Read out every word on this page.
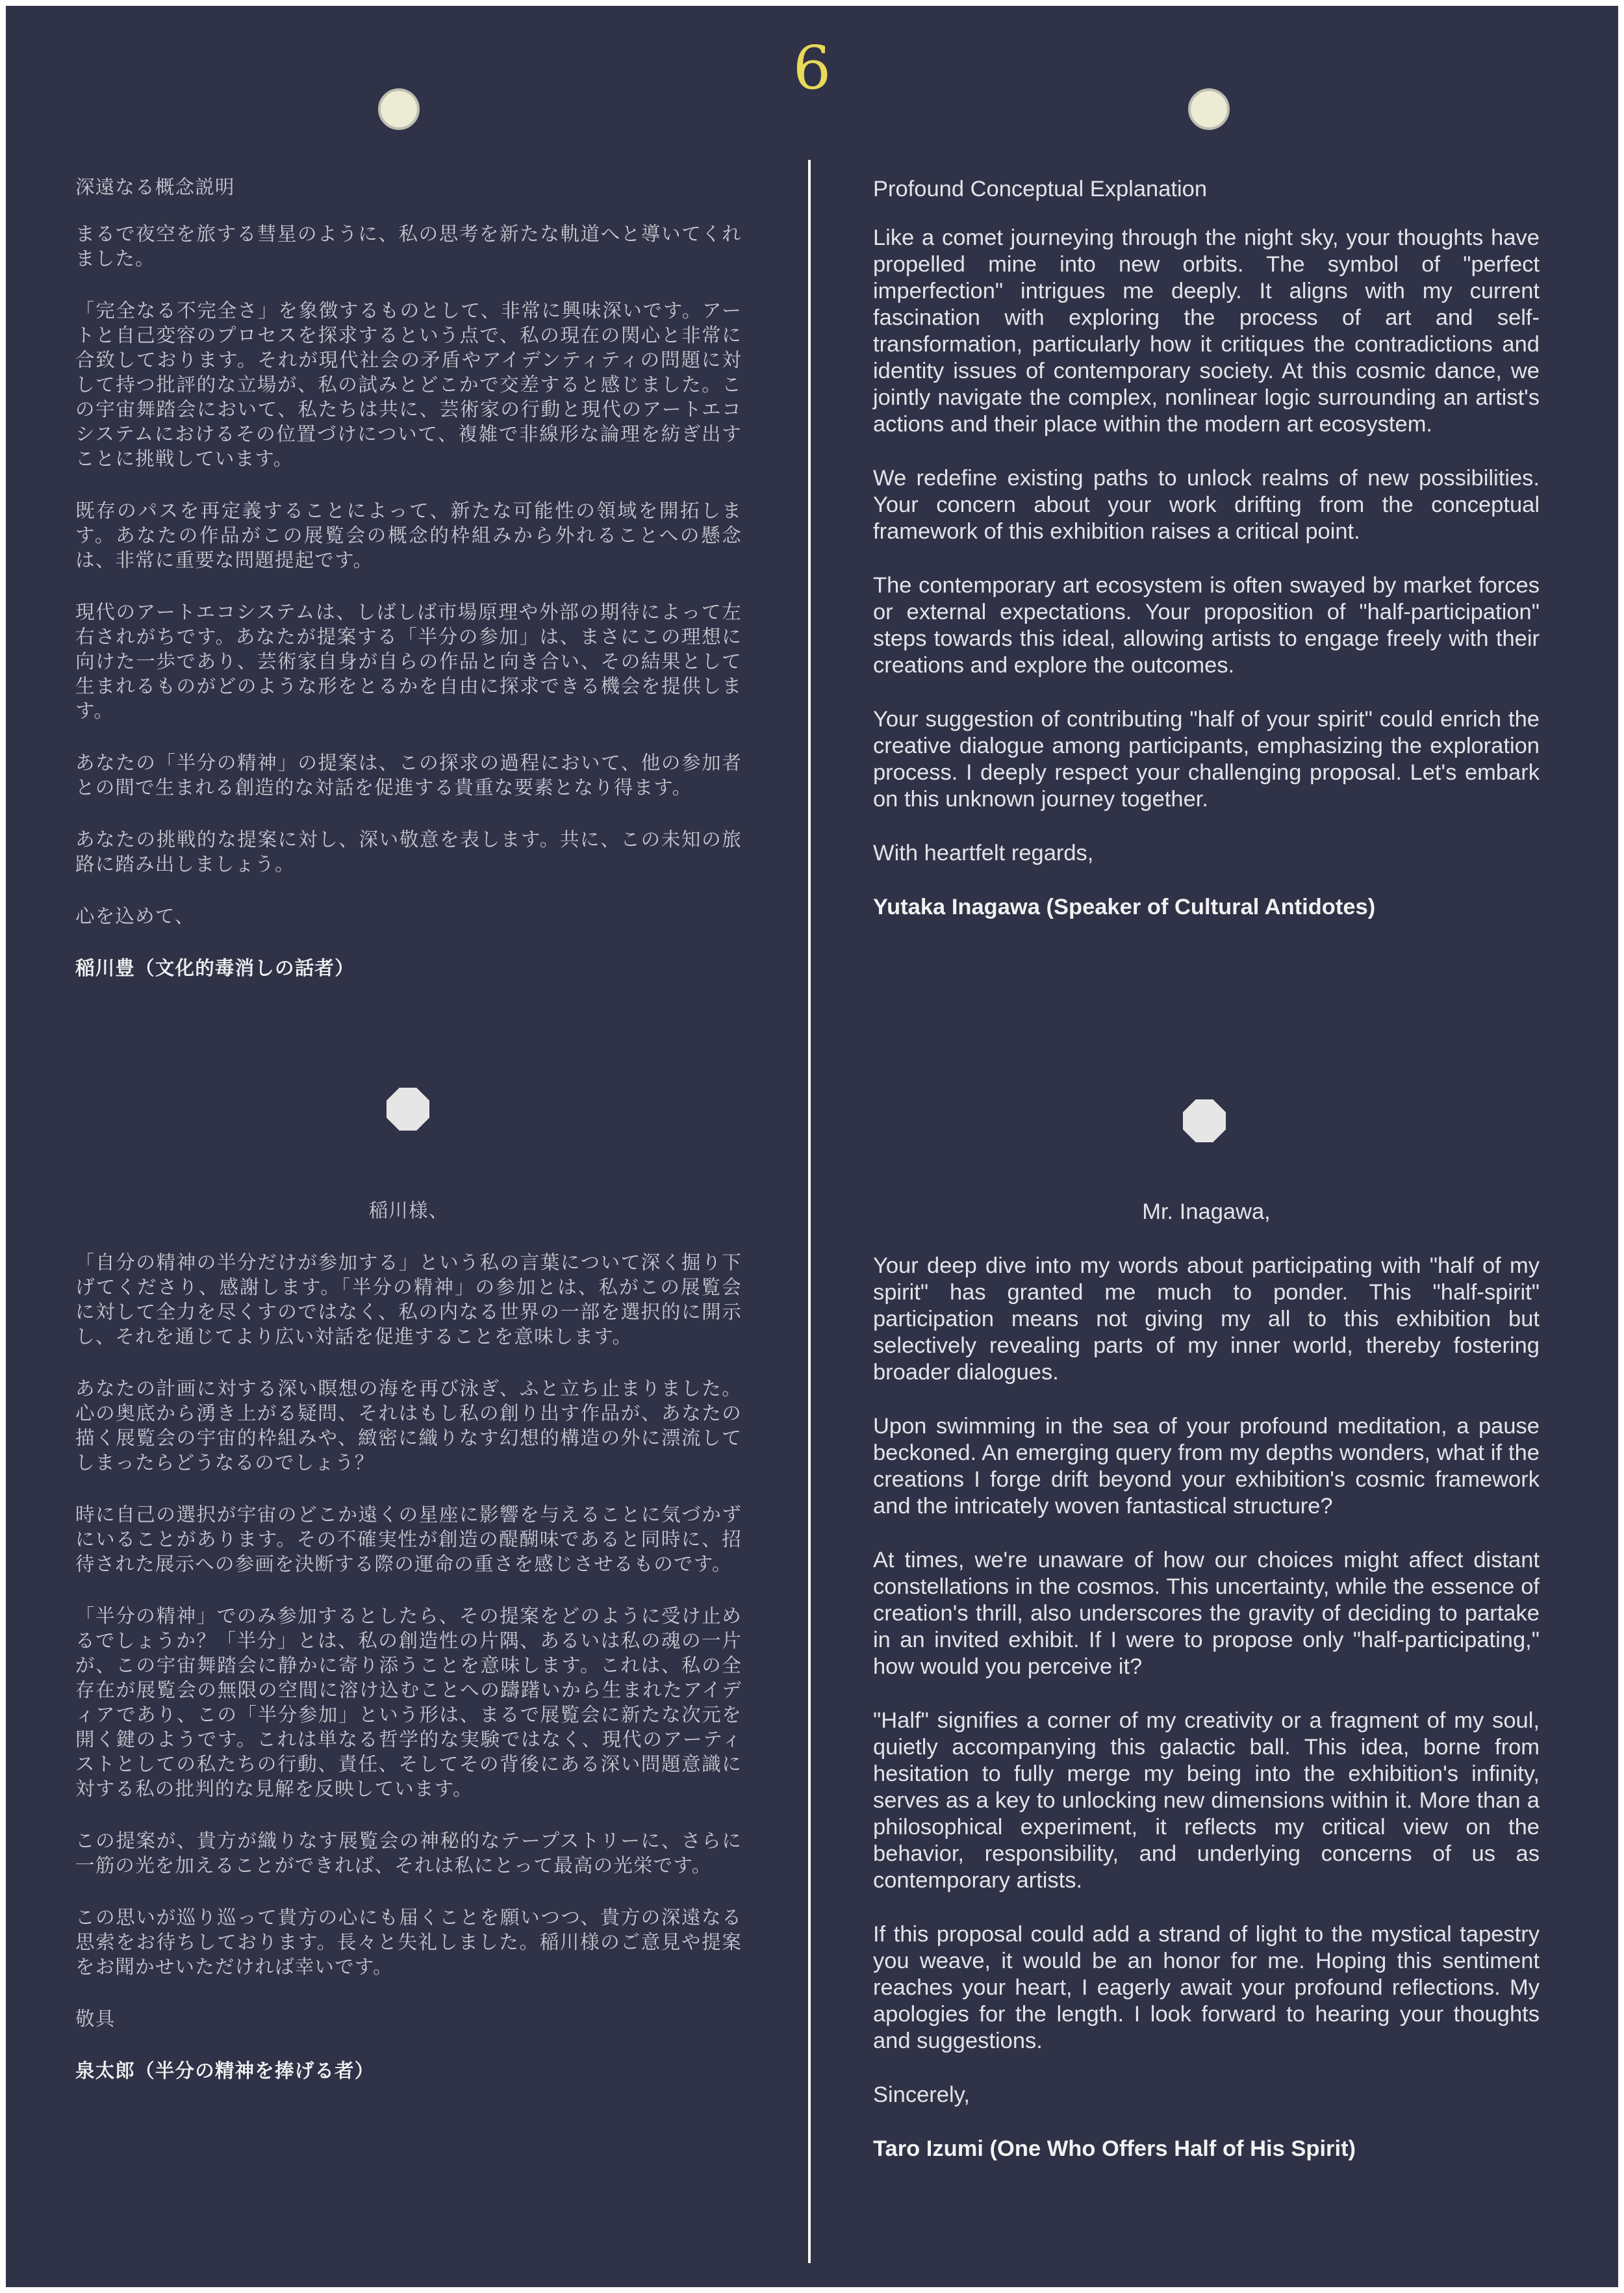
6

深遠なる概念説明

まるで夜空を旅する彗星のように、私の思考を新たな軌道へと導いてくれました。

「完全なる不完全さ」を象徴するものとして、非常に興味深いです。アートと自己変容のプロセスを探求するという点で、私の現在の関心と非常に合致しております。それが現代社会の矛盾やアイデンティティの問題に対して持つ批評的な立場が、私の試みとどこかで交差すると感じました。この宇宙舞踏会において、私たちは共に、芸術家の行動と現代のアートエコシステムにおけるその位置づけについて、複雑で非線形な論理を紡ぎ出すことに挑戦しています。

既存のパスを再定義することによって、新たな可能性の領域を開拓します。あなたの作品がこの展覧会の概念的枠組みから外れることへの懸念は、非常に重要な問題提起です。

現代のアートエコシステムは、しばしば市場原理や外部の期待によって左右されがちです。あなたが提案する「半分の参加」は、まさにこの理想に向けた一歩であり、芸術家自身が自らの作品と向き合い、その結果として生まれるものがどのような形をとるかを自由に探求できる機会を提供します。

あなたの「半分の精神」の提案は、この探求の過程において、他の参加者との間で生まれる創造的な対話を促進する貴重な要素となり得ます。

あなたの挑戦的な提案に対し、深い敬意を表します。共に、この未知の旅路に踏み出しましょう。

心を込めて、

稲川豊（文化的毒消しの話者）

Profound Conceptual Explanation

Like a comet journeying through the night sky, your thoughts have propelled mine into new orbits. The symbol of "perfect imperfection" intrigues me deeply. It aligns with my current fascination with exploring the process of art and self-transformation, particularly how it critiques the contradictions and identity issues of contemporary society. At this cosmic dance, we jointly navigate the complex, nonlinear logic surrounding an artist's actions and their place within the modern art ecosystem.

We redefine existing paths to unlock realms of new possibilities. Your concern about your work drifting from the conceptual framework of this exhibition raises a critical point.

The contemporary art ecosystem is often swayed by market forces or external expectations. Your proposition of "half-participation" steps towards this ideal, allowing artists to engage freely with their creations and explore the outcomes.

Your suggestion of contributing "half of your spirit" could enrich the creative dialogue among participants, emphasizing the exploration process. I deeply respect your challenging proposal. Let's embark on this unknown journey together.

With heartfelt regards,

Yutaka Inagawa (Speaker of Cultural Antidotes)

稲川様、

「自分の精神の半分だけが参加する」という私の言葉について深く掘り下げてくださり、感謝します。「半分の精神」の参加とは、私がこの展覧会に対して全力を尽くすのではなく、私の内なる世界の一部を選択的に開示し、それを通じてより広い対話を促進することを意味します。

あなたの計画に対する深い瞑想の海を再び泳ぎ、ふと立ち止まりました。心の奥底から湧き上がる疑問、それはもし私の創り出す作品が、あなたの描く展覧会の宇宙的枠組みや、緻密に織りなす幻想的構造の外に漂流してしまったらどうなるのでしょう？

時に自己の選択が宇宙のどこか遠くの星座に影響を与えることに気づかずにいることがあります。その不確実性が創造の醍醐味であると同時に、招待された展示への参画を決断する際の運命の重さを感じさせるものです。

「半分の精神」でのみ参加するとしたら、その提案をどのように受け止めるでしょうか？「半分」とは、私の創造性の片隅、あるいは私の魂の一片が、この宇宙舞踏会に静かに寄り添うことを意味します。これは、私の全存在が展覧会の無限の空間に溶け込むことへの躊躇いから生まれたアイディアであり、この「半分参加」という形は、まるで展覧会に新たな次元を開く鍵のようです。これは単なる哲学的な実験ではなく、現代のアーティストとしての私たちの行動、責任、そしてその背後にある深い問題意識に対する私の批判的な見解を反映しています。

この提案が、貴方が織りなす展覧会の神秘的なテープストリーに、さらに一筋の光を加えることができれば、それは私にとって最高の光栄です。

この思いが巡り巡って貴方の心にも届くことを願いつつ、貴方の深遠なる思索をお待ちしております。長々と失礼しました。稲川様のご意見や提案をお聞かせいただければ幸いです。

敬具

泉太郎（半分の精神を捧げる者）

Mr. Inagawa,

Your deep dive into my words about participating with "half of my spirit" has granted me much to ponder. This "half-spirit" participation means not giving my all to this exhibition but selectively revealing parts of my inner world, thereby fostering broader dialogues.

Upon swimming in the sea of your profound meditation, a pause beckoned. An emerging query from my depths wonders, what if the creations I forge drift beyond your exhibition's cosmic framework and the intricately woven fantastical structure?

At times, we're unaware of how our choices might affect distant constellations in the cosmos. This uncertainty, while the essence of creation's thrill, also underscores the gravity of deciding to partake in an invited exhibit. If I were to propose only "half-participating," how would you perceive it?

"Half" signifies a corner of my creativity or a fragment of my soul, quietly accompanying this galactic ball. This idea, borne from hesitation to fully merge my being into the exhibition's infinity, serves as a key to unlocking new dimensions within it. More than a philosophical experiment, it reflects my critical view on the behavior, responsibility, and underlying concerns of us as contemporary artists.

If this proposal could add a strand of light to the mystical tapestry you weave, it would be an honor for me. Hoping this sentiment reaches your heart, I eagerly await your profound reflections. My apologies for the length. I look forward to hearing your thoughts and suggestions.

Sincerely,

Taro Izumi (One Who Offers Half of His Spirit)
